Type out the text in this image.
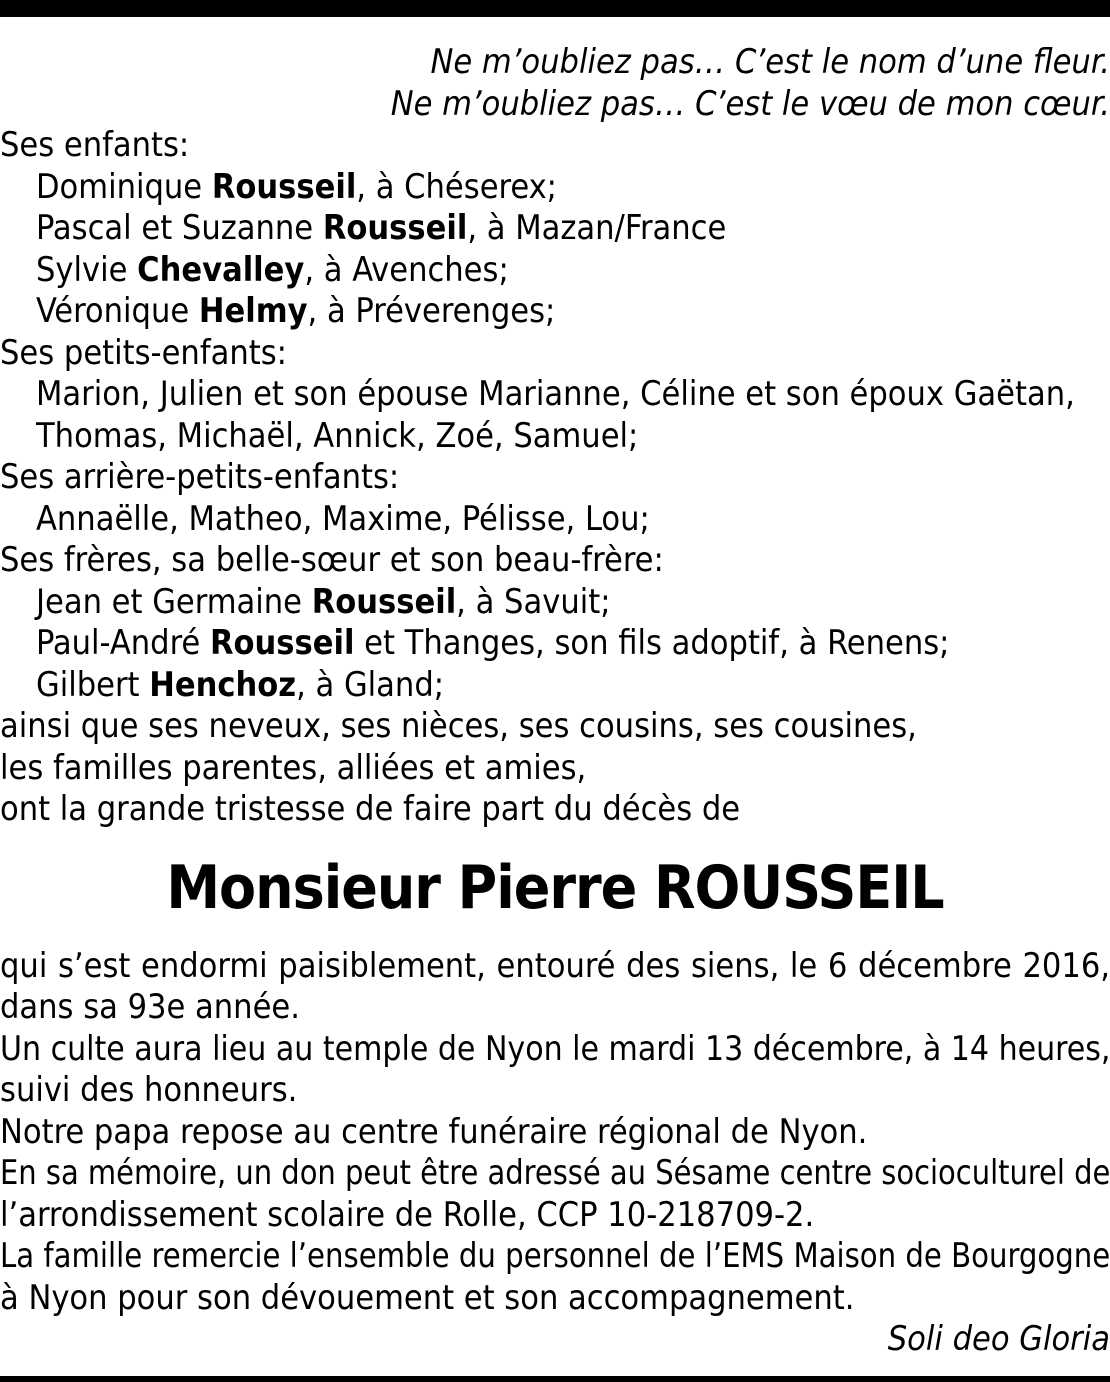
Ne m’oubliez pas… C’est le nom d’une fleur.
Ne m’oubliez pas… C’est le vœu de mon cœur.
Ses enfants:
Dominique Rousseil, à Chéserex;
Pascal et Suzanne Rousseil, à Mazan/France
Sylvie Chevalley, à Avenches;
Véronique Helmy, à Préverenges;
Ses petits-enfants:
Marion, Julien et son épouse Marianne, Céline et son époux Gaëtan,
Thomas, Michaël, Annick, Zoé, Samuel;
Ses arrière-petits-enfants:
Annaëlle, Matheo, Maxime, Pélisse, Lou;
Ses frères, sa belle-sœur et son beau-frère:
Jean et Germaine Rousseil, à Savuit;
Paul-André Rousseil et Thanges, son fils adoptif, à Renens;
Gilbert Henchoz, à Gland;
ainsi que ses neveux, ses nièces, ses cousins, ses cousines,
les familles parentes, alliées et amies,
ont la grande tristesse de faire part du décès de
Monsieur Pierre ROUSSEIL
qui s’est endormi paisiblement, entouré des siens, le 6 décembre 2016,
dans sa 93e année.
Un culte aura lieu au temple de Nyon le mardi 13 décembre, à 14 heures,
suivi des honneurs.
Notre papa repose au centre funéraire régional de Nyon.
En sa mémoire, un don peut être adressé au Sésame centre socioculturel de
l’arrondissement scolaire de Rolle, CCP 10-218709-2.
La famille remercie l’ensemble du personnel de l’EMS Maison de Bourgogne
à Nyon pour son dévouement et son accompagnement.
Soli deo Gloria
